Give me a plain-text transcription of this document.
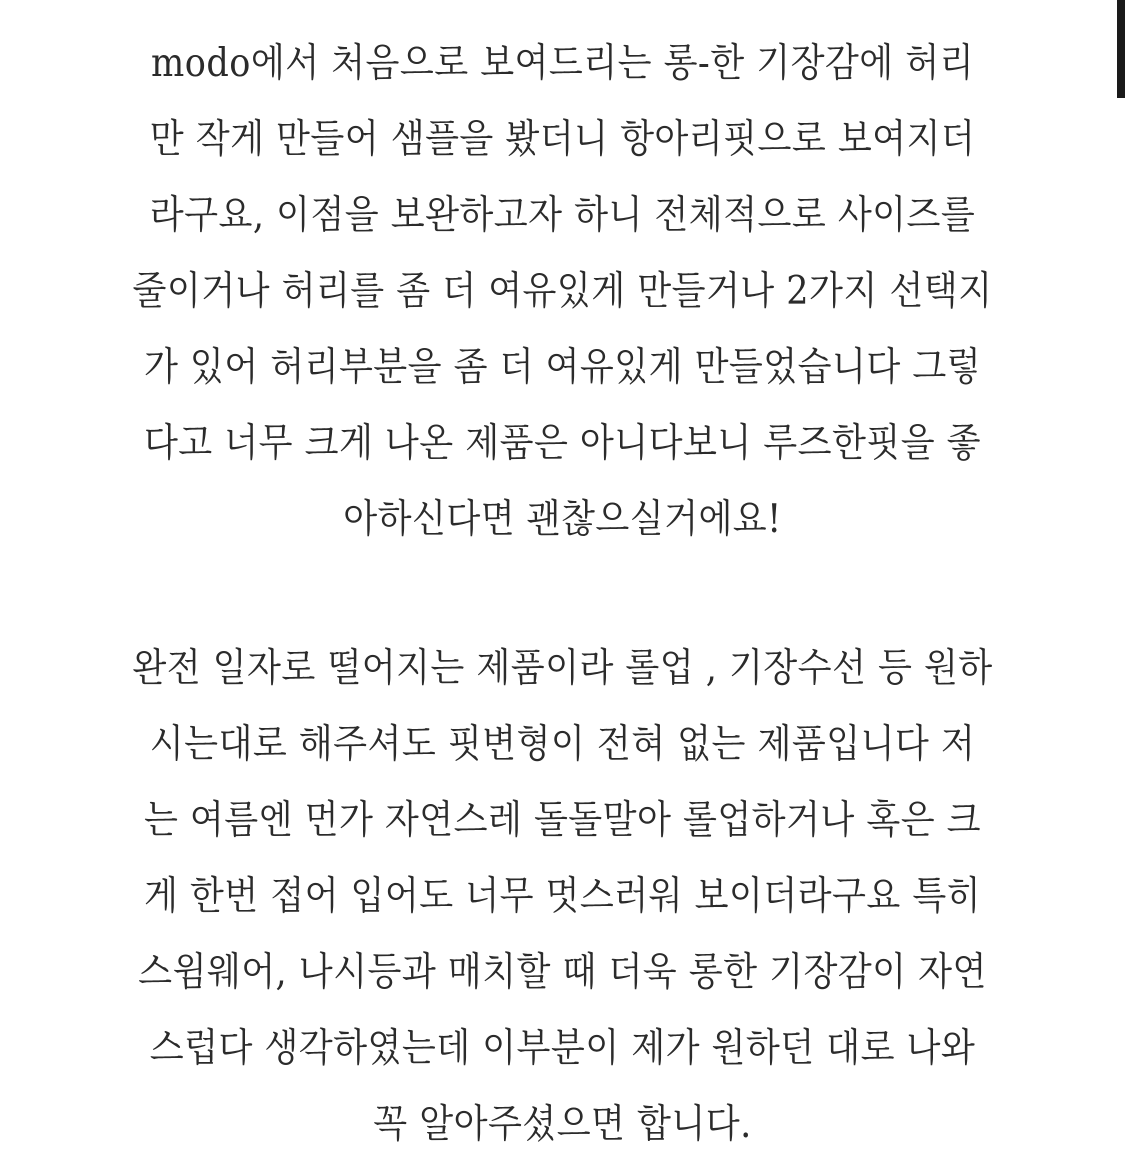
modo에서 처음으로 보여드리는 롱-한 기장감에 허리
만 작게 만들어 샘플을 봤더니 항아리핏으로 보여지더
라구요, 이점을 보완하고자 하니 전체적으로 사이즈를
줄이거나 허리를 좀 더 여유있게 만들거나 2가지 선택지
가 있어 허리부분을 좀 더 여유있게 만들었습니다 그렇
다고 너무 크게 나온 제품은 아니다보니 루즈한핏을 좋
아하신다면 괜찮으실거에요!
완전 일자로 떨어지는 제품이라 롤업 , 기장수선 등 원하
시는대로 해주셔도 핏변형이 전혀 없는 제품입니다 저
는 여름엔 먼가 자연스레 돌돌말아 롤업하거나 혹은 크
게 한번 접어 입어도 너무 멋스러워 보이더라구요 특히
스윔웨어, 나시등과 매치할 때 더욱 롱한 기장감이 자연
스럽다 생각하였는데 이부분이 제가 원하던 대로 나와
꼭 알아주셨으면 합니다.
